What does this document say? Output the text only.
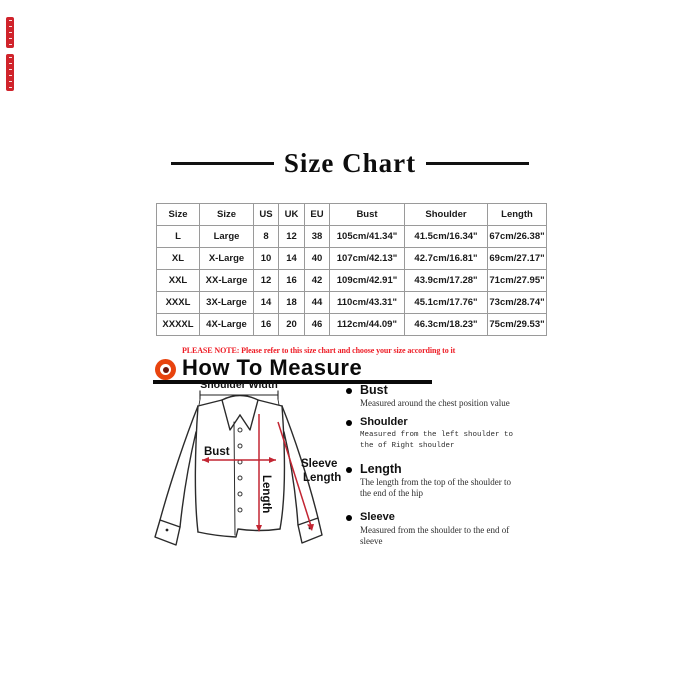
Size Chart
Size	Size	US	UK	EU	Bust	Shoulder	Length
L	Large	8	12	38	105cm/41.34"	41.5cm/16.34"	67cm/26.38"
XL	X-Large	10	14	40	107cm/42.13"	42.7cm/16.81"	69cm/27.17"
XXL	XX-Large	12	16	42	109cm/42.91"	43.9cm/17.28"	71cm/27.95"
XXXL	3X-Large	14	18	44	110cm/43.31"	45.1cm/17.76"	73cm/28.74"
XXXXL	4X-Large	16	20	46	112cm/44.09"	46.3cm/18.23"	75cm/29.53"
PLEASE NOTE: Please refer to this size chart and choose your size according to it
How To Measure
Shoulder Width
Bust
Length
Sleeve
Length
Bust
Measured around the chest position value
Shoulder
Measured from the left shoulder to the of Right shoulder
Length
The length from the top of the shoulder to the end of the hip
Sleeve
Measured from the shoulder to the end of sleeve
